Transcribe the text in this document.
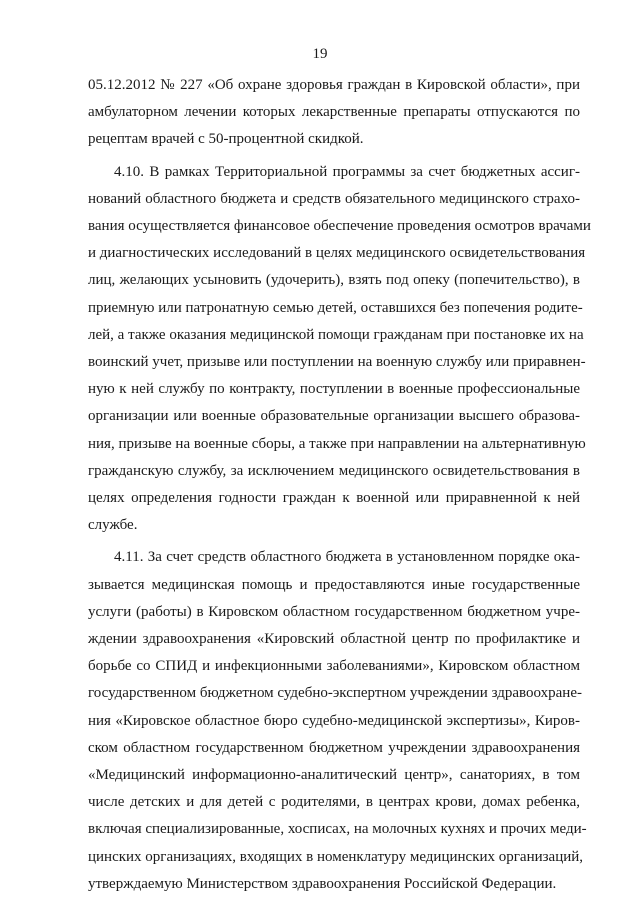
19

05.12.2012 № 227 «Об охране здоровья граждан в Кировской области», при
амбулаторном лечении которых лекарственные препараты отпускаются по
рецептам врачей с 50-процентной скидкой.

4.10. В рамках Территориальной программы за счет бюджетных ассиг-
нований областного бюджета и средств обязательного медицинского страхо-
вания осуществляется финансовое обеспечение проведения осмотров врачами
и диагностических исследований в целях медицинского освидетельствования
лиц, желающих усыновить (удочерить), взять под опеку (попечительство), в
приемную или патронатную семью детей, оставшихся без попечения родите-
лей, а также оказания медицинской помощи гражданам при постановке их на
воинский учет, призыве или поступлении на военную службу или приравнен-
ную к ней службу по контракту, поступлении в военные профессиональные
организации или военные образовательные организации высшего образова-
ния, призыве на военные сборы, а также при направлении на альтернативную
гражданскую службу, за исключением медицинского освидетельствования в
целях определения годности граждан к военной или приравненной к ней
службе.

4.11. За счет средств областного бюджета в установленном порядке ока-
зывается медицинская помощь и предоставляются иные государственные
услуги (работы) в Кировском областном государственном бюджетном учре-
ждении здравоохранения «Кировский областной центр по профилактике и
борьбе со СПИД и инфекционными заболеваниями», Кировском областном
государственном бюджетном судебно-экспертном учреждении здравоохране-
ния «Кировское областное бюро судебно-медицинской экспертизы», Киров-
ском областном государственном бюджетном учреждении здравоохранения
«Медицинский информационно-аналитический центр», санаториях, в том
числе детских и для детей с родителями, в центрах крови, домах ребенка,
включая специализированные, хосписах, на молочных кухнях и прочих меди-
цинских организациях, входящих в номенклатуру медицинских организаций,
утверждаемую Министерством здравоохранения Российской Федерации.
